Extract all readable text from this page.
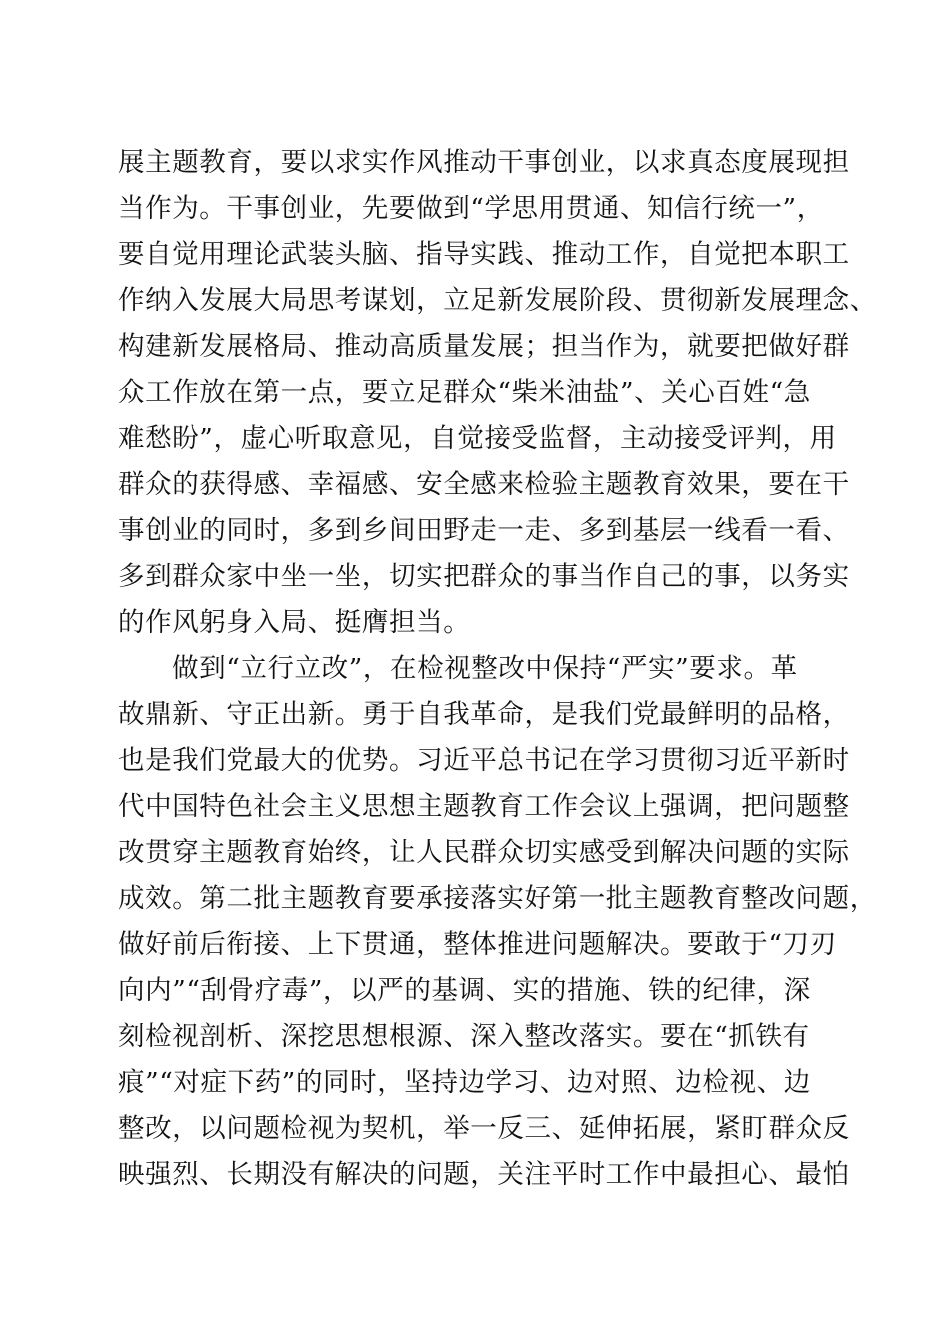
展主题教育，要以求实作风推动干事创业，以求真态度展现担
当作为。干事创业，先要做到“学思用贯通、知信行统一”，
要自觉用理论武装头脑、指导实践、推动工作，自觉把本职工
作纳入发展大局思考谋划，立足新发展阶段、贯彻新发展理念、
构建新发展格局、推动高质量发展；担当作为，就要把做好群
众工作放在第一点，要立足群众“柴米油盐”、关心百姓“急
难愁盼”，虚心听取意见，自觉接受监督，主动接受评判，用
群众的获得感、幸福感、安全感来检验主题教育效果，要在干
事创业的同时，多到乡间田野走一走、多到基层一线看一看、
多到群众家中坐一坐，切实把群众的事当作自己的事，以务实
的作风躬身入局、挺膺担当。
做到“立行立改”，在检视整改中保持“严实”要求。革
故鼎新、守正出新。勇于自我革命，是我们党最鲜明的品格，
也是我们党最大的优势。习近平总书记在学习贯彻习近平新时
代中国特色社会主义思想主题教育工作会议上强调，把问题整
改贯穿主题教育始终，让人民群众切实感受到解决问题的实际
成效。第二批主题教育要承接落实好第一批主题教育整改问题，
做好前后衔接、上下贯通，整体推进问题解决。要敢于“刀刃
向内”“刮骨疗毒”，以严的基调、实的措施、铁的纪律，深
刻检视剖析、深挖思想根源、深入整改落实。要在“抓铁有
痕”“对症下药”的同时，坚持边学习、边对照、边检视、边
整改，以问题检视为契机，举一反三、延伸拓展，紧盯群众反
映强烈、长期没有解决的问题，关注平时工作中最担心、最怕
